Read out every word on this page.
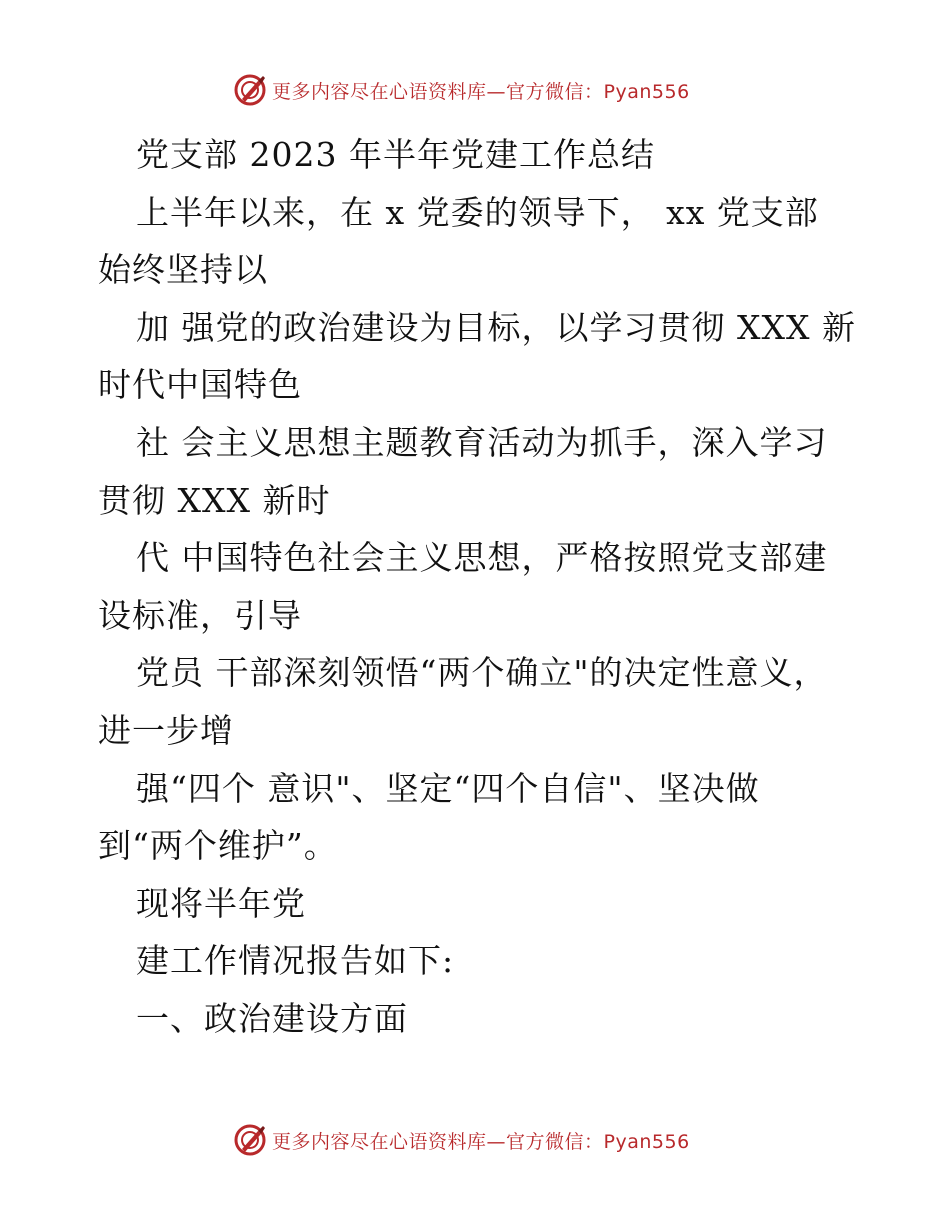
更多内容尽在心语资料库—官方微信：Pyan556
党支部 2023 年半年党建工作总结
上半年以来，在 x 党委的领导下， xx 党支部
始终坚持以
加 强党的政治建设为目标，以学习贯彻 XXX 新
时代中国特色
社 会主义思想主题教育活动为抓手，深入学习
贯彻 XXX 新时
代 中国特色社会主义思想，严格按照党支部建
设标准，引导
党员 干部深刻领悟“两个确立"的决定性意义，
进一步增
强“四个 意识"、坚定“四个自信"、坚决做
到“两个维护”。
现将半年党
建工作情况报告如下:
一、政治建设方面
更多内容尽在心语资料库—官方微信：Pyan556
